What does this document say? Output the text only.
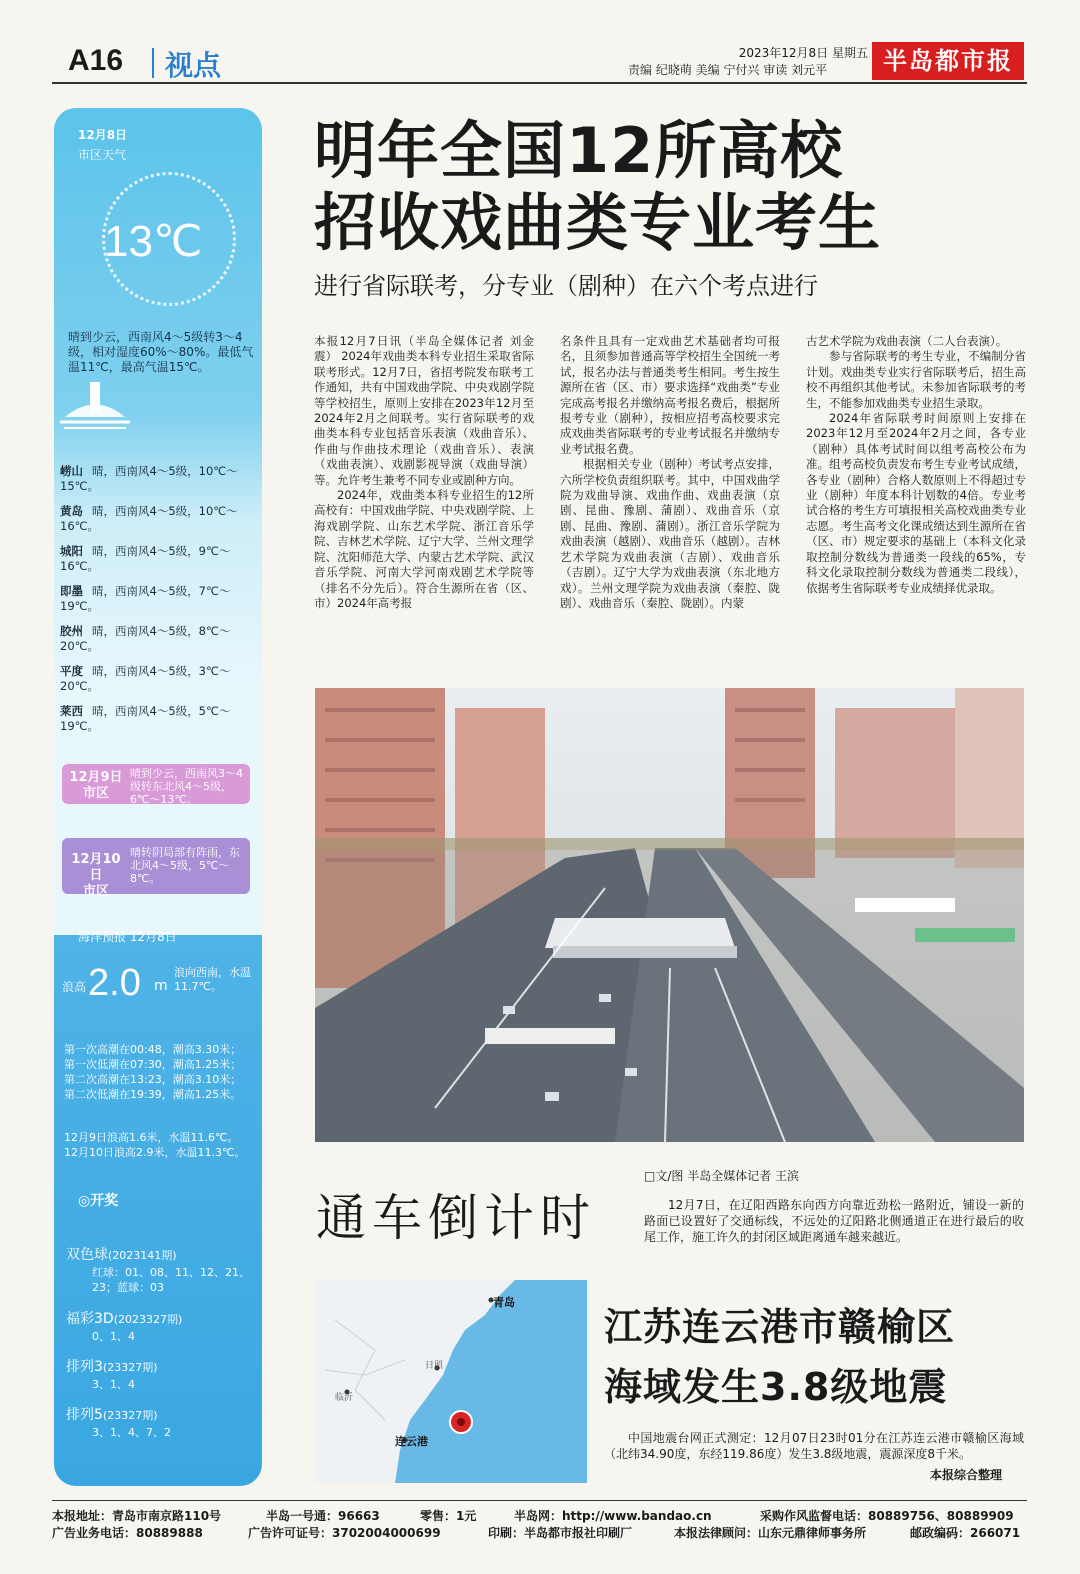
A16 视点	2023年12月8日 星期五
责编 纪晓萌 美编 宁付兴 审读 刘元平	半岛都市报
12月8日
市区天气
13℃
晴到少云，西南风4～5级转3～4级，相对湿度60%～80%。最低气温11℃，最高气温15℃。
崂山 晴，西南风4～5级，10℃～15℃。
黄岛 晴，西南风4～5级，10℃～16℃。
城阳 晴，西南风4～5级，9℃～16℃。
即墨 晴，西南风4～5级，7℃～19℃。
胶州 晴，西南风4～5级，8℃～20℃。
平度 晴，西南风4～5级，3℃～20℃。
莱西 晴，西南风4～5级，5℃～19℃。
12月9日
市区
晴到少云，西南风3～4级转东北风4～5级，6℃～13℃。
12月10日
市区
晴转阴局部有阵雨，东北风4～5级，5℃～8℃。
海洋预报 12月8日
浪高 2.0 m
浪向西南，水温11.7℃。
第一次高潮在00:48，潮高3.30米；
第一次低潮在07:30，潮高1.25米；
第二次高潮在13:23，潮高3.10米；
第二次低潮在19:39，潮高1.25米。
12月9日浪高1.6米，水温11.6℃。
12月10日浪高2.9米，水温11.3℃。
◎开奖
双色球(2023141期)
红球：01、08、11、12、21、23；蓝球：03
福彩3D(2023327期)
0、1、4
排列3(23327期)
3、1、4
排列5(23327期)
3、1、4、7、2
明年全国12所高校
招收戏曲类专业考生
进行省际联考，分专业（剧种）在六个考点进行

本报12月7日讯（半岛全媒体记者 刘金震） 2024年戏曲类本科专业招生采取省际联考形式。12月7日，省招考院发布联考工作通知，共有中国戏曲学院、中央戏剧学院等学校招生，原则上安排在2023年12月至2024年2月之间联考。实行省际联考的戏曲类本科专业包括音乐表演（戏曲音乐）、作曲与作曲技术理论（戏曲音乐）、表演（戏曲表演）、戏剧影视导演（戏曲导演）等。允许考生兼考不同专业或剧种方向。

2024年，戏曲类本科专业招生的12所高校有：中国戏曲学院、中央戏剧学院、上海戏剧学院、山东艺术学院、浙江音乐学院、吉林艺术学院、辽宁大学、兰州文理学院、沈阳师范大学、内蒙古艺术学院、武汉音乐学院、河南大学河南戏剧艺术学院等（排名不分先后）。符合生源所在省（区、市）2024年高考报

名条件且具有一定戏曲艺术基础者均可报名，且须参加普通高等学校招生全国统一考试，报名办法与普通类考生相同。考生按生源所在省（区、市）要求选择“戏曲类”专业完成高考报名并缴纳高考报名费后，根据所报考专业（剧种），按相应招考高校要求完成戏曲类省际联考的专业考试报名并缴纳专业考试报名费。

根据相关专业（剧种）考试考点安排，六所学校负责组织联考。其中，中国戏曲学院为戏曲导演、戏曲作曲、戏曲表演（京剧、昆曲、豫剧、蒲剧）、戏曲音乐（京剧、昆曲、豫剧、蒲剧）。浙江音乐学院为戏曲表演（越剧）、戏曲音乐（越剧）。吉林艺术学院为戏曲表演（吉剧）、戏曲音乐（吉剧）。辽宁大学为戏曲表演（东北地方戏）。兰州文理学院为戏曲表演（秦腔、陇剧）、戏曲音乐（秦腔、陇剧）。内蒙

古艺术学院为戏曲表演（二人台表演）。

参与省际联考的考生专业，不编制分省计划。戏曲类专业实行省际联考后，招生高校不再组织其他考试。未参加省际联考的考生，不能参加戏曲类专业招生录取。

2024年省际联考时间原则上安排在2023年12月至2024年2月之间，各专业（剧种）具体考试时间以组考高校公布为准。组考高校负责发布考生专业考试成绩，各专业（剧种）合格人数原则上不得超过专业（剧种）年度本科计划数的4倍。专业考试合格的考生方可填报相关高校戏曲类专业志愿。考生高考文化课成绩达到生源所在省（区、市）规定要求的基础上（本科文化录取控制分数线为普通类一段线的65%，专科文化录取控制分数线为普通类二段线），依据考生省际联考专业成绩择优录取。

□文/图 半岛全媒体记者 王滨
通车倒计时	12月7日，在辽阳西路东向西方向靠近劲松一路附近，铺设一新的路面已设置好了交通标线，不远处的辽阳路北侧通道正在进行最后的收尾工作，施工许久的封闭区域距离通车越来越近。
青岛
日照
临沂
连云港
江苏连云港市赣榆区
海域发生3.8级地震
中国地震台网正式测定：12月07日23时01分在江苏连云港市赣榆区海域（北纬34.90度，东经119.86度）发生3.8级地震，震源深度8千米。
本报综合整理
本报地址：青岛市南京路110号	半岛一号通：96663	零售：1元	半岛网：http://www.bandao.cn	采购作风监督电话：80889756、80889909
广告业务电话：80889888	广告许可证号：3702004000699	印刷：半岛都市报社印刷厂	本报法律顾问：山东元鼎律师事务所	邮政编码：266071
